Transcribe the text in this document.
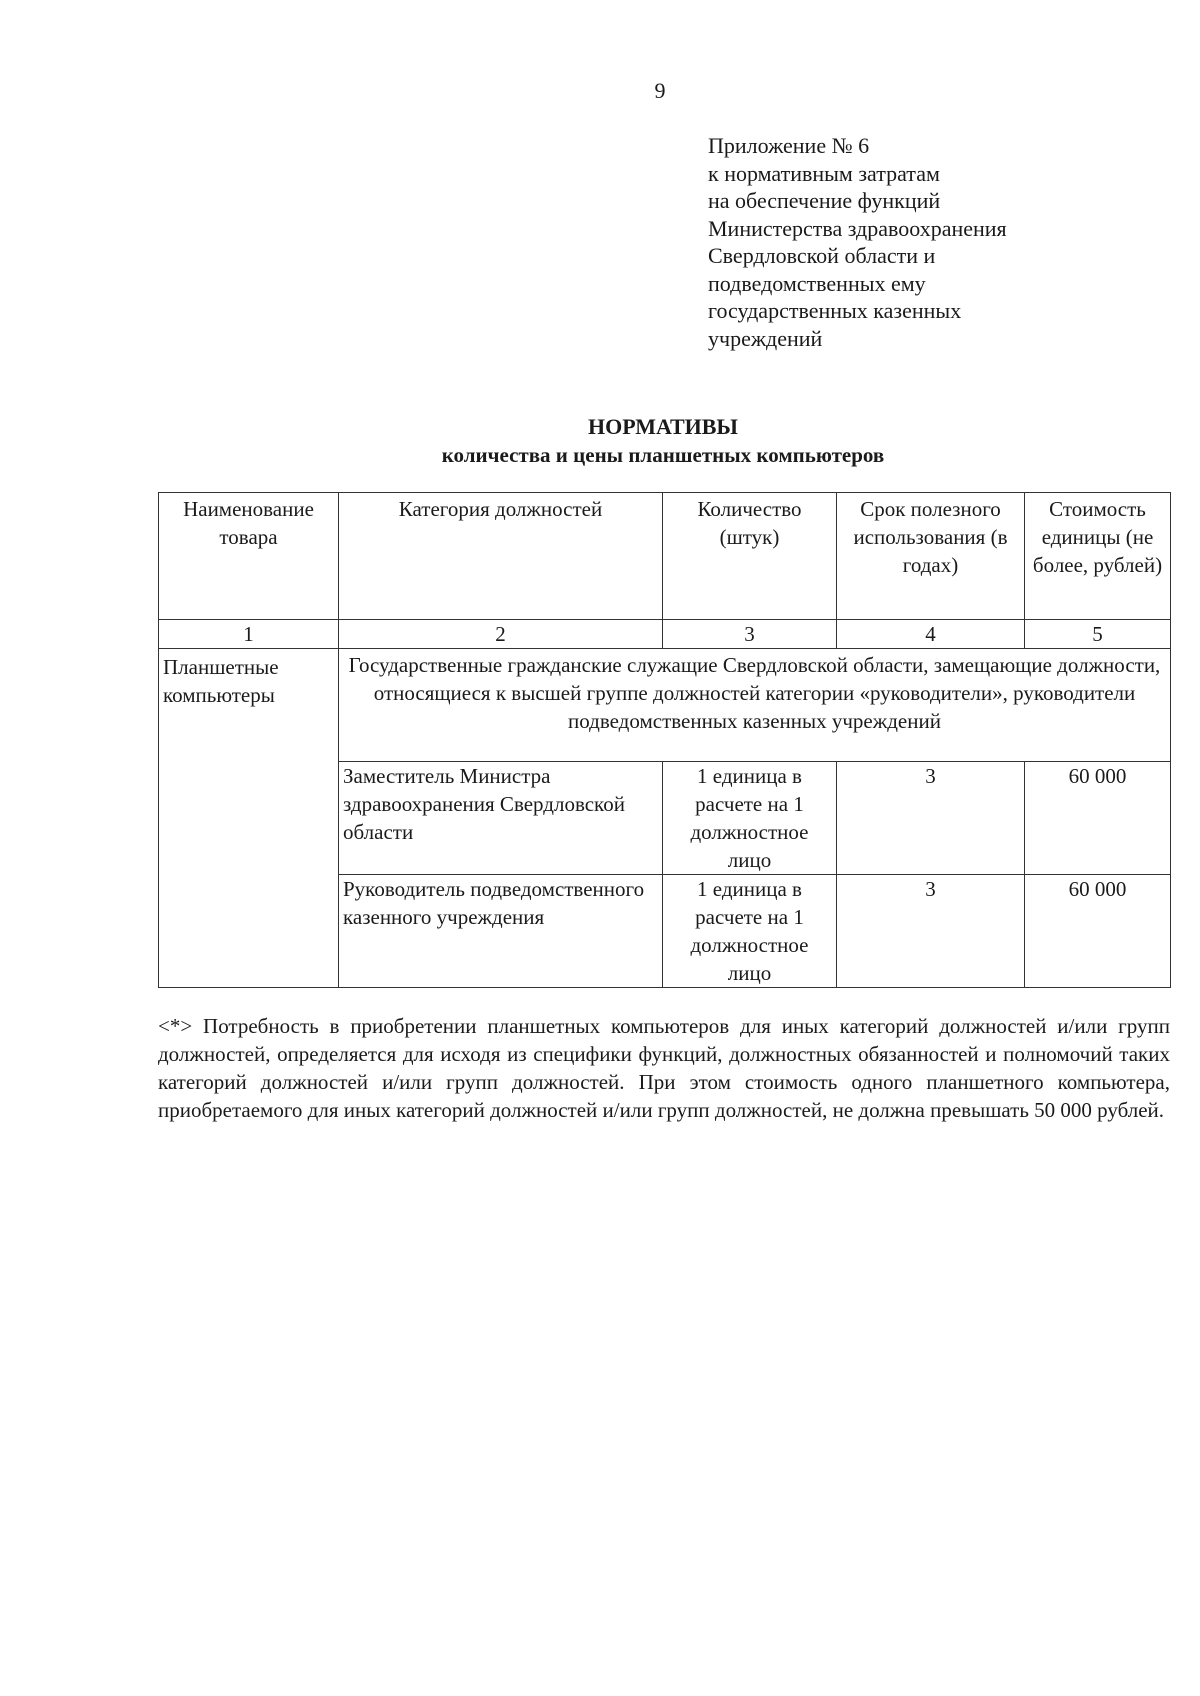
9
Приложение № 6
к нормативным затратам
на обеспечение функций
Министерства здравоохранения
Свердловской области и
подведомственных ему
государственных казенных
учреждений
НОРМАТИВЫ
количества и цены планшетных компьютеров
Наименование товара	Категория должностей	Количество (штук)	Срок полезного использования (в годах)	Стоимость единицы (не более, рублей)
1	2	3	4	5
Планшетные компьютеры	Государственные гражданские служащие Свердловской области, замещающие должности, относящиеся к высшей группе должностей категории «руководители», руководители подведомственных казенных учреждений			
	Заместитель Министра здравоохранения Свердловской области	1 единица в расчете на 1 должностное лицо	3	60 000
	Руководитель подведомственного казенного учреждения	1 единица в расчете на 1 должностное лицо	3	60 000
<*> Потребность в приобретении планшетных компьютеров для иных категорий должностей и/или групп должностей, определяется для исходя из специфики функций, должностных обязанностей и полномочий таких категорий должностей и/или групп должностей. При этом стоимость одного планшетного компьютера, приобретаемого для иных категорий должностей и/или групп должностей, не должна превышать 50 000 рублей.
